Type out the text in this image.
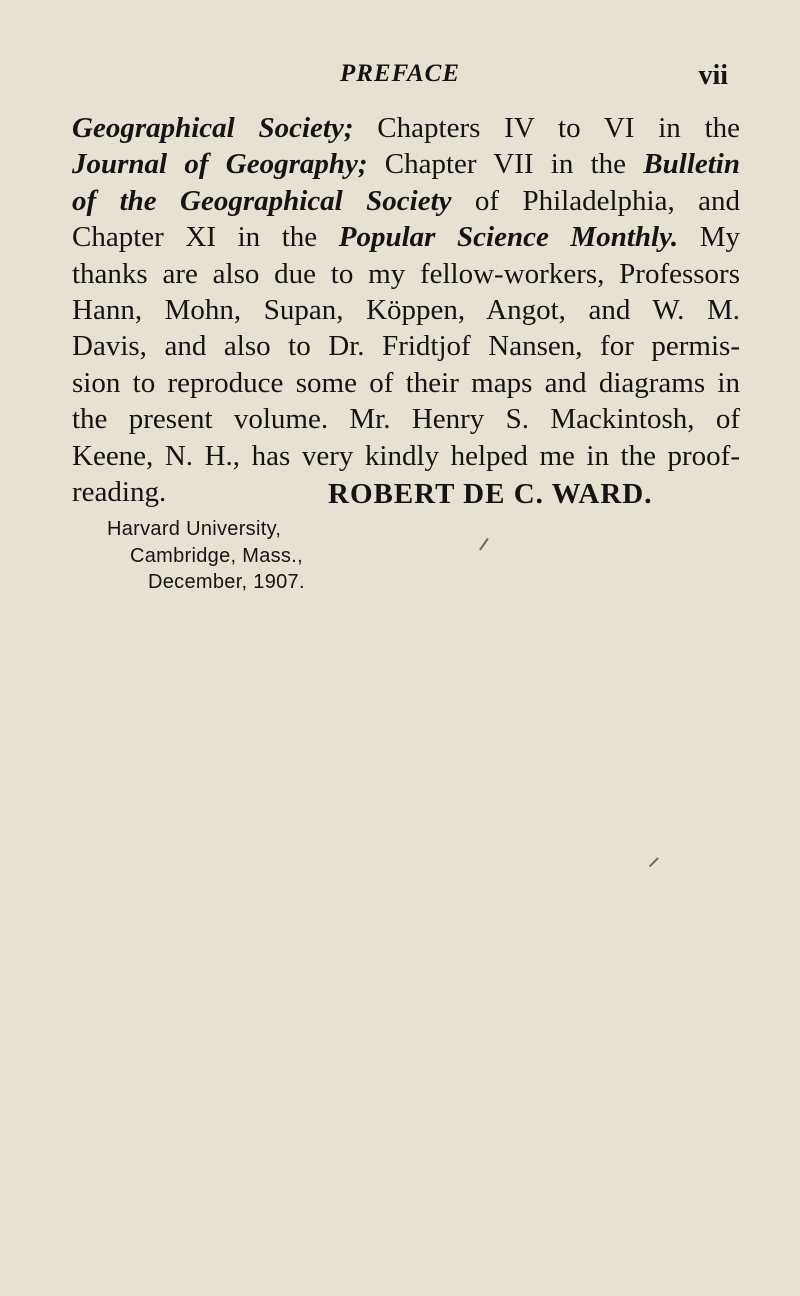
PREFACE	vii

Geographical Society; Chapters IV to VI in the
Journal of Geography; Chapter VII in the Bulletin
of the Geographical Society of Philadelphia, and
Chapter XI in the Popular Science Monthly. My
thanks are also due to my fellow-workers, Professors
Hann, Mohn, Supan, Köppen, Angot, and W. M.
Davis, and also to Dr. Fridtjof Nansen, for permis-
sion to reproduce some of their maps and diagrams in
the present volume. Mr. Henry S. Mackintosh, of
Keene, N. H., has very kindly helped me in the proof-
reading.	ROBERT DE C. WARD.
Harvard University,
Cambridge, Mass.,
December, 1907.
